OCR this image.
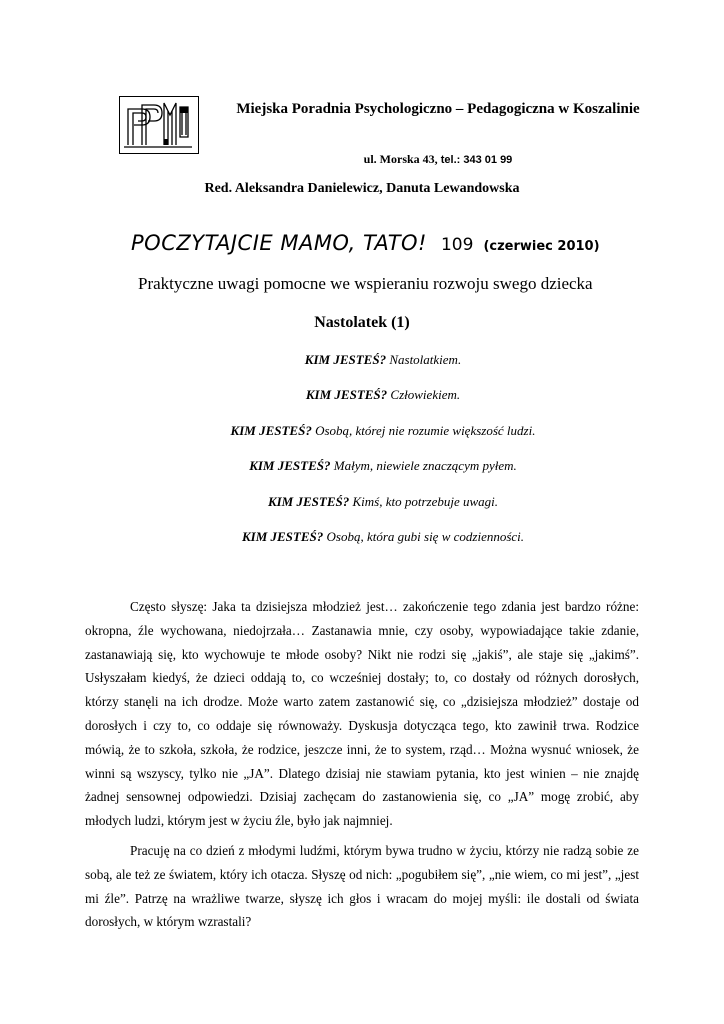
Miejska Poradnia Psychologiczno – Pedagogiczna w Koszalinie
ul. Morska 43, tel.: 343 01 99
Red. Aleksandra Danielewicz, Danuta Lewandowska
POCZYTAJCIE MAMO, TATO! 109 (czerwiec 2010)
Praktyczne uwagi pomocne we wspieraniu rozwoju swego dziecka
Nastolatek (1)
KIM JESTEŚ? Nastolatkiem.
KIM JESTEŚ? Człowiekiem.
KIM JESTEŚ? Osobą, której nie rozumie większość ludzi.
KIM JESTEŚ? Małym, niewiele znaczącym pyłem.
KIM JESTEŚ? Kimś, kto potrzebuje uwagi.
KIM JESTEŚ? Osobą, która gubi się w codzienności.

Często słyszę: Jaka ta dzisiejsza młodzież jest… zakończenie tego zdania jest bardzo różne: okropna, źle wychowana, niedojrzała… Zastanawia mnie, czy osoby, wypowiadające takie zdanie, zastanawiają się, kto wychowuje te młode osoby? Nikt nie rodzi się „jakiś”, ale staje się „jakimś”. Usłyszałam kiedyś, że dzieci oddają to, co wcześniej dostały; to, co dostały od różnych dorosłych, którzy stanęli na ich drodze. Może warto zatem zastanowić się, co „dzisiejsza młodzież” dostaje od dorosłych i czy to, co oddaje się równoważy. Dyskusja dotycząca tego, kto zawinił trwa. Rodzice mówią, że to szkoła, szkoła, że rodzice, jeszcze inni, że to system, rząd… Można wysnuć wniosek, że winni są wszyscy, tylko nie „JA”. Dlatego dzisiaj nie stawiam pytania, kto jest winien – nie znajdę żadnej sensownej odpowiedzi. Dzisiaj zachęcam do zastanowienia się, co „JA” mogę zrobić, aby młodych ludzi, którym jest w życiu źle, było jak najmniej.

Pracuję na co dzień z młodymi ludźmi, którym bywa trudno w życiu, którzy nie radzą sobie ze sobą, ale też ze światem, który ich otacza. Słyszę od nich: „pogubiłem się”, „nie wiem, co mi jest”, „jest mi źle”. Patrzę na wrażliwe twarze, słyszę ich głos i wracam do mojej myśli: ile dostali od świata dorosłych, w którym wzrastali?
